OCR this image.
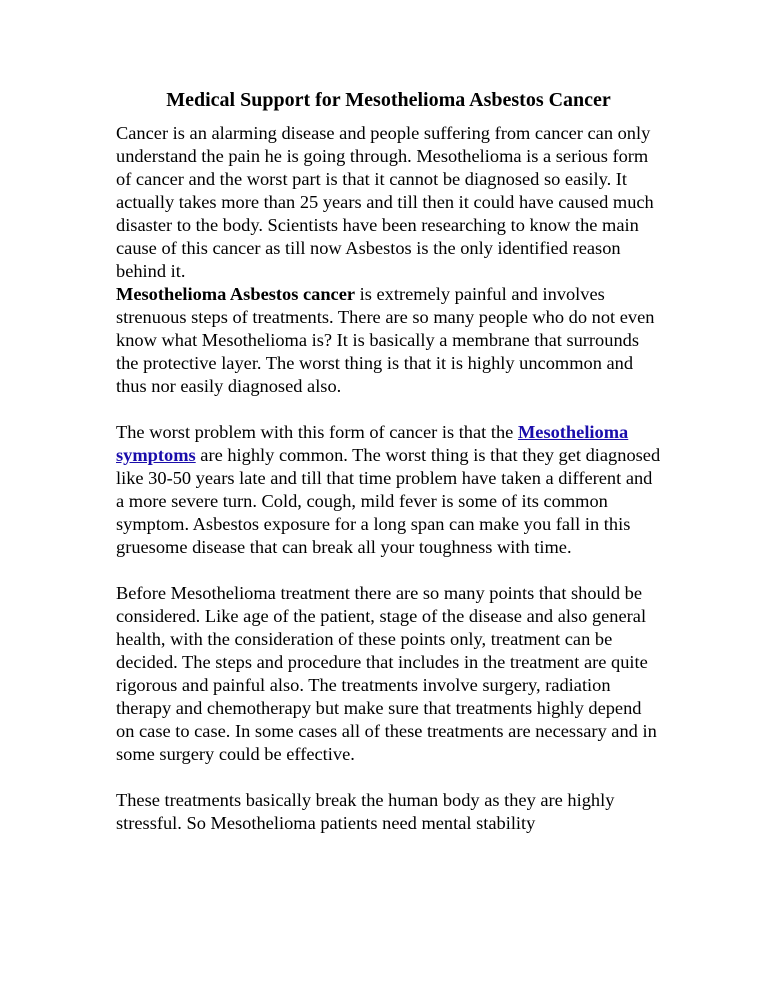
Medical Support for Mesothelioma Asbestos Cancer
Cancer is an alarming disease and people suffering from cancer can only understand the pain he is going through. Mesothelioma is a serious form of cancer and the worst part is that it cannot be diagnosed so easily. It actually takes more than 25 years and till then it could have caused much disaster to the body. Scientists have been researching to know the main cause of this cancer as till now Asbestos is the only identified reason behind it.
Mesothelioma Asbestos cancer is extremely painful and involves strenuous steps of treatments. There are so many people who do not even know what Mesothelioma is? It is basically a membrane that surrounds the protective layer. The worst thing is that it is highly uncommon and thus nor easily diagnosed also.
The worst problem with this form of cancer is that the Mesothelioma symptoms are highly common. The worst thing is that they get diagnosed like 30-50 years late and till that time problem have taken a different and a more severe turn. Cold, cough, mild fever is some of its common symptom. Asbestos exposure for a long span can make you fall in this gruesome disease that can break all your toughness with time.
Before Mesothelioma treatment there are so many points that should be considered. Like age of the patient, stage of the disease and also general health, with the consideration of these points only, treatment can be decided. The steps and procedure that includes in the treatment are quite rigorous and painful also. The treatments involve surgery, radiation therapy and chemotherapy but make sure that treatments highly depend on case to case. In some cases all of these treatments are necessary and in some surgery could be effective.
These treatments basically break the human body as they are highly stressful. So Mesothelioma patients need mental stability
